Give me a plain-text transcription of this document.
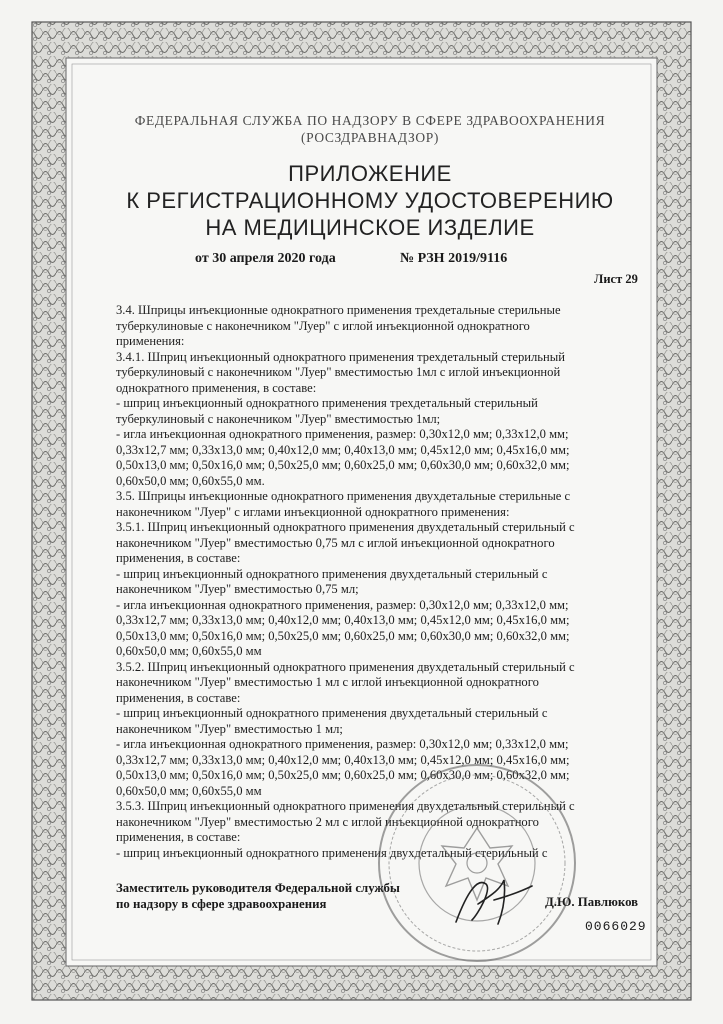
ФЕДЕРАЛЬНАЯ СЛУЖБА ПО НАДЗОРУ В СФЕРЕ ЗДРАВООХРАНЕНИЯ
(РОСЗДРАВНАДЗОР)
ПРИЛОЖЕНИЕ
К РЕГИСТРАЦИОННОМУ УДОСТОВЕРЕНИЮ
НА МЕДИЦИНСКОЕ ИЗДЕЛИЕ
от 30 апреля 2020 года	№ РЗН 2019/9116
Лист 29

3.4. Шприцы инъекционные однократного применения трехдетальные стерильные

туберкулиновые с наконечником "Луер" с иглой инъекционной однократного

применения:

3.4.1. Шприц инъекционный однократного применения трехдетальный стерильный

туберкулиновый с наконечником "Луер" вместимостью 1мл с иглой инъекционной

однократного применения, в составе:

- шприц инъекционный однократного применения трехдетальный стерильный

туберкулиновый с наконечником "Луер" вместимостью 1мл;

- игла инъекционная однократного применения, размер: 0,30х12,0 мм; 0,33х12,0 мм;

0,33х12,7 мм; 0,33х13,0 мм; 0,40х12,0 мм; 0,40х13,0 мм; 0,45х12,0 мм; 0,45х16,0 мм;

0,50х13,0 мм; 0,50х16,0 мм; 0,50х25,0 мм; 0,60х25,0 мм; 0,60х30,0 мм; 0,60х32,0 мм;

0,60х50,0 мм; 0,60х55,0 мм.

3.5. Шприцы инъекционные однократного применения двухдетальные стерильные с

наконечником "Луер" с иглами инъекционной однократного применения:

3.5.1. Шприц инъекционный однократного применения двухдетальный стерильный с

наконечником "Луер" вместимостью 0,75 мл с иглой инъекционной однократного

применения, в составе:

- шприц инъекционный однократного применения двухдетальный стерильный с

наконечником "Луер" вместимостью 0,75 мл;

- игла инъекционная однократного применения, размер: 0,30х12,0 мм; 0,33х12,0 мм;

0,33х12,7 мм; 0,33х13,0 мм; 0,40х12,0 мм; 0,40х13,0 мм; 0,45х12,0 мм; 0,45х16,0 мм;

0,50х13,0 мм; 0,50х16,0 мм; 0,50х25,0 мм; 0,60х25,0 мм; 0,60х30,0 мм; 0,60х32,0 мм;

0,60х50,0 мм; 0,60х55,0 мм

3.5.2. Шприц инъекционный однократного применения двухдетальный стерильный с

наконечником "Луер" вместимостью 1 мл с иглой инъекционной однократного

применения, в составе:

- шприц инъекционный однократного применения двухдетальный стерильный с

наконечником "Луер" вместимостью 1 мл;

- игла инъекционная однократного применения, размер: 0,30х12,0 мм; 0,33х12,0 мм;

0,33х12,7 мм; 0,33х13,0 мм; 0,40х12,0 мм; 0,40х13,0 мм; 0,45х12,0 мм; 0,45х16,0 мм;

0,50х13,0 мм; 0,50х16,0 мм; 0,50х25,0 мм; 0,60х25,0 мм; 0,60х30,0 мм; 0,60х32,0 мм;

0,60х50,0 мм; 0,60х55,0 мм

3.5.3. Шприц инъекционный однократного применения двухдетальный стерильный с

наконечником "Луер" вместимостью 2 мл с иглой инъекционной однократного

применения, в составе:

- шприц инъекционный однократного применения двухдетальный стерильный с

Заместитель руководителя Федеральной службы
по надзору в сфере здравоохранения	Д.Ю. Павлюков
0066029
